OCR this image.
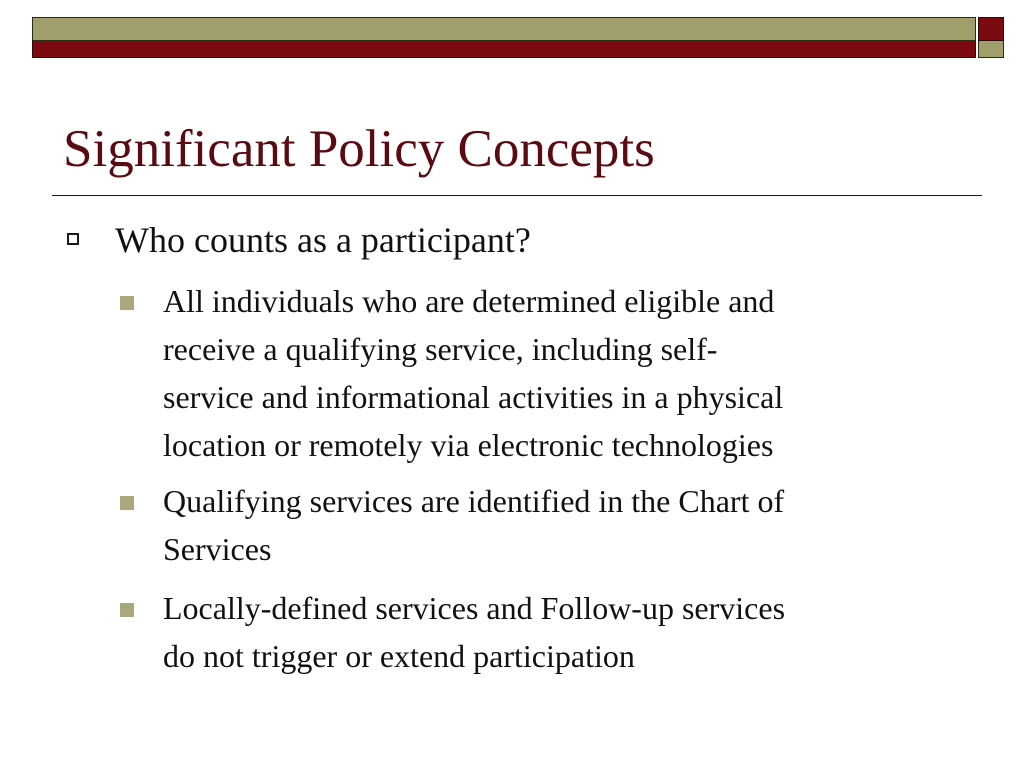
Significant Policy Concepts
Who counts as a participant?
All individuals who are determined eligible and
receive a qualifying service, including self-
service and informational activities in a physical
location or remotely via electronic technologies
Qualifying services are identified in the Chart of
Services
Locally-defined services and Follow-up services
do not trigger or extend participation
